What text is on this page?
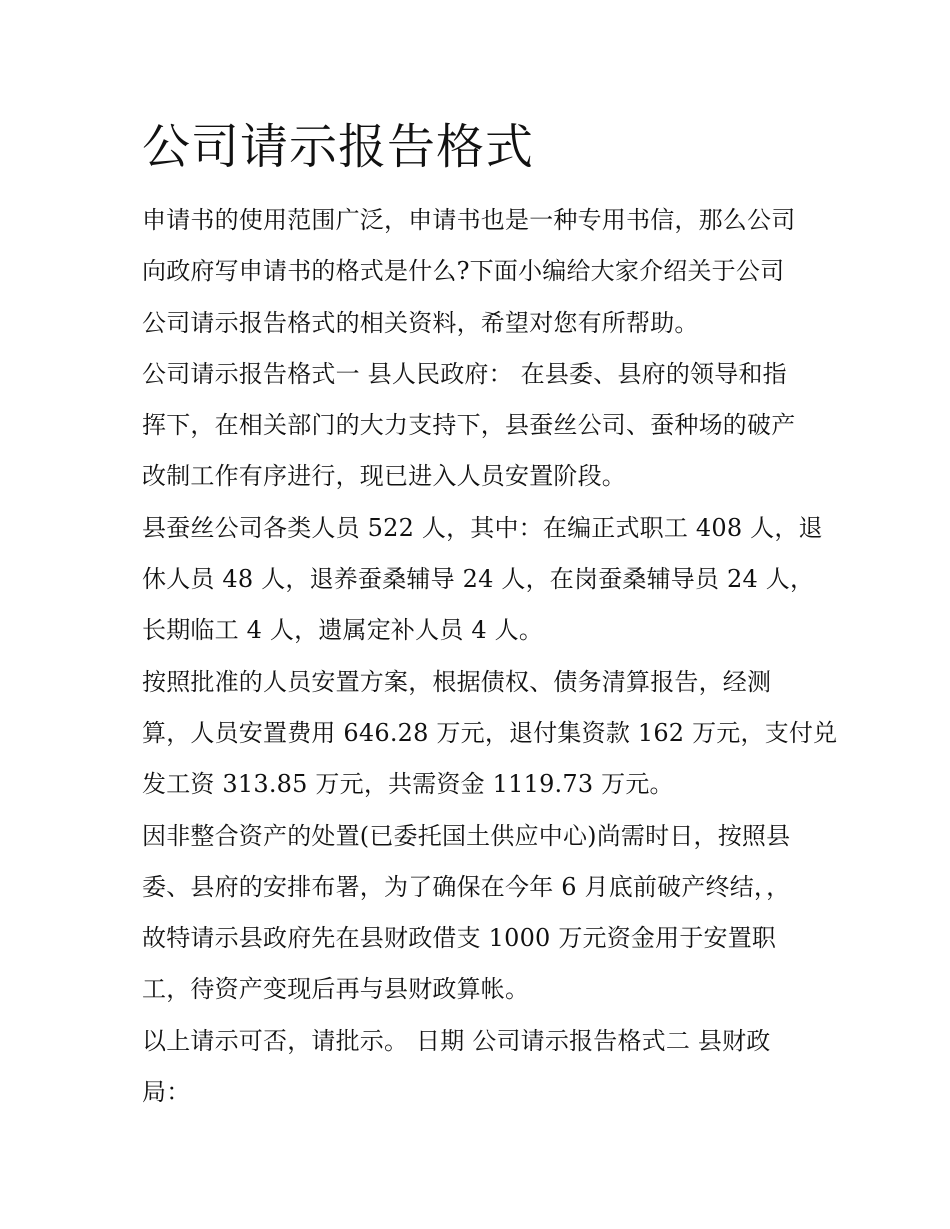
公司请示报告格式

申请书的使用范围广泛，申请书也是一种专用书信，那么公司
向政府写申请书的格式是什么?下面小编给大家介绍关于公司
公司请示报告格式的相关资料，希望对您有所帮助。

公司请示报告格式一 县人民政府： 在县委、县府的领导和指
挥下，在相关部门的大力支持下，县蚕丝公司、蚕种场的破产
改制工作有序进行，现已进入人员安置阶段。

县蚕丝公司各类人员 522 人，其中：在编正式职工 408 人，退
休人员 48 人，退养蚕桑辅导 24 人，在岗蚕桑辅导员 24 人，
长期临工 4 人，遗属定补人员 4 人。

按照批准的人员安置方案，根据债权、债务清算报告，经测
算，人员安置费用 646.28 万元，退付集资款 162 万元，支付兑
发工资 313.85 万元，共需资金 1119.73 万元。

因非整合资产的处置(已委托国土供应中心)尚需时日，按照县
委、县府的安排布署，为了确保在今年 6 月底前破产终结，，
故特请示县政府先在县财政借支 1000 万元资金用于安置职
工，待资产变现后再与县财政算帐。

以上请示可否，请批示。 日期 公司请示报告格式二 县财政
局：
